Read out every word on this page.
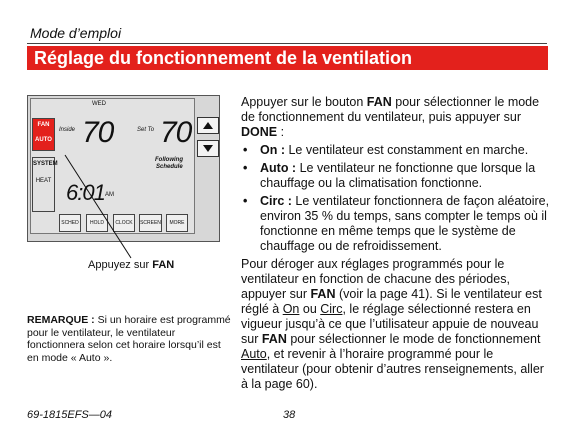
Mode d’emploi
Réglage du fonctionnement de la ventilation
WED
FAN
AUTO
Inside 70	Set To 70
Following
Schedule
SYSTEM
HEAT 6:01 AM
SCHED	HOLD	CLOCK	SCREEN	MORE
Appuyez sur FAN
REMARQUE : Si un horaire est programmé pour le ventilateur, le ventilateur fonctionnera selon cet horaire lorsqu’il est en mode « Auto ».

Appuyer sur le bouton FAN pour sélectionner le mode de fonctionnement du ventilateur, puis appuyer sur DONE :

• On : Le ventilateur est constamment en marche.
• Auto : Le ventilateur ne fonctionne que lorsque la chauffage ou la climatisation fonctionne.
• Circ : Le ventilateur fonctionnera de façon aléatoire, environ 35 % du temps, sans compter le temps où il fonctionne en même temps que le système de chauffage ou de refroidissement.

Pour déroger aux réglages programmés pour le ventilateur en fonction de chacune des périodes, appuyer sur FAN (voir la page 41). Si le ventilateur est réglé à On ou Circ, le réglage sélectionné restera en vigueur jusqu’à ce que l’utilisateur appuie de nouveau sur FAN pour sélectionner le mode de fonctionnement Auto, et revenir à l’horaire programmé pour le ventilateur (pour obtenir d’autres renseignements, aller à la page 60).

69-1815EFS—04	38
